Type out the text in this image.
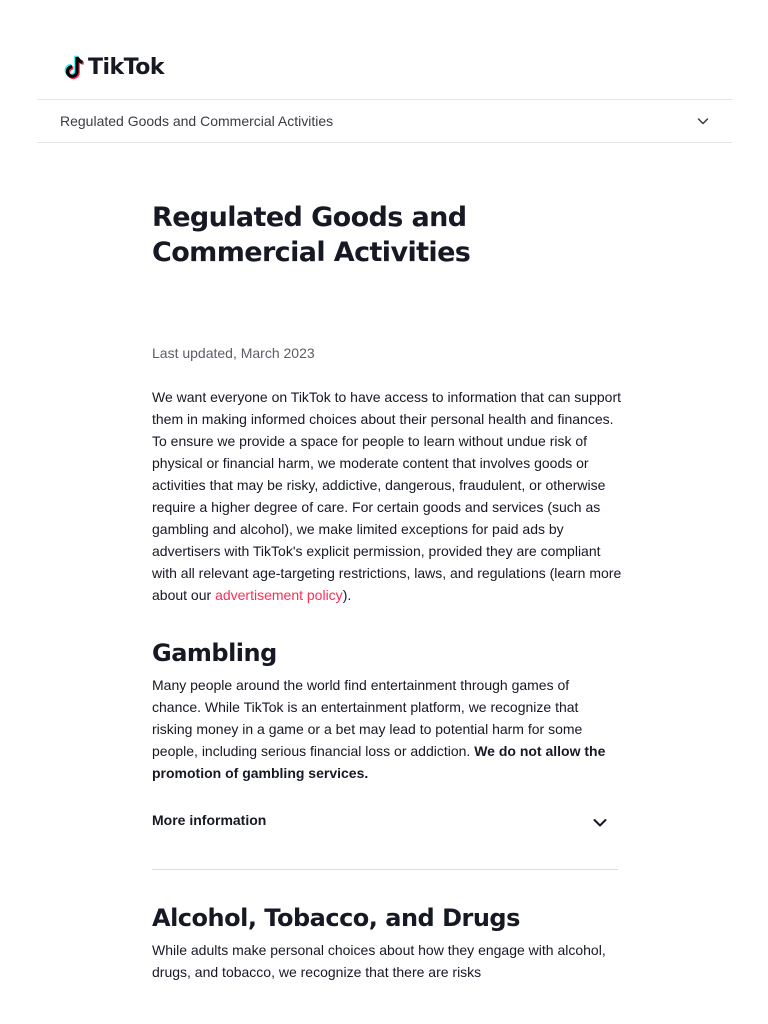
TikTok
Regulated Goods and Commercial Activities
Regulated Goods and Commercial Activities

Last updated, March 2023

We want everyone on TikTok to have access to information that can support them in making informed choices about their personal health and finances. To ensure we provide a space for people to learn without undue risk of physical or financial harm, we moderate content that involves goods or activities that may be risky, addictive, dangerous, fraudulent, or otherwise require a higher degree of care. For certain goods and services (such as gambling and alcohol), we make limited exceptions for paid ads by advertisers with TikTok's explicit permission, provided they are compliant with all relevant age-targeting restrictions, laws, and regulations (learn more about our advertisement policy).

Gambling

Many people around the world find entertainment through games of chance. While TikTok is an entertainment platform, we recognize that risking money in a game or a bet may lead to potential harm for some people, including serious financial loss or addiction. We do not allow the promotion of gambling services.

More information
Alcohol, Tobacco, and Drugs

While adults make personal choices about how they engage with alcohol, drugs, and tobacco, we recognize that there are risks
